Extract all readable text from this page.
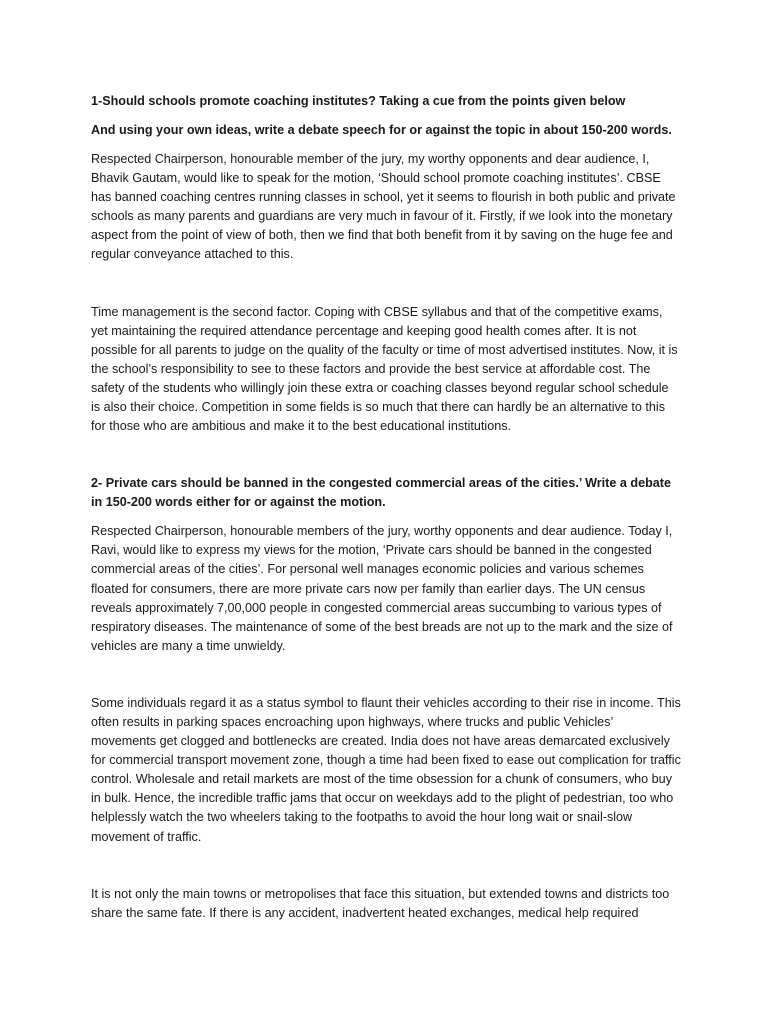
1-Should schools promote coaching institutes? Taking a cue from the points given below

And using your own ideas, write a debate speech for or against the topic in about 150-200 words.

Respected Chairperson, honourable member of the jury, my worthy opponents and dear audience, I, Bhavik Gautam, would like to speak for the motion, ‘Should school promote coaching institutes’. CBSE has banned coaching centres running classes in school, yet it seems to flourish in both public and private schools as many parents and guardians are very much in favour of it. Firstly, if we look into the monetary aspect from the point of view of both, then we find that both benefit from it by saving on the huge fee and regular conveyance attached to this.

Time management is the second factor. Coping with CBSE syllabus and that of the competitive exams, yet maintaining the required attendance percentage and keeping good health comes after. It is not possible for all parents to judge on the quality of the faculty or time of most advertised institutes. Now, it is the school’s responsibility to see to these factors and provide the best service at affordable cost. The safety of the students who willingly join these extra or coaching classes beyond regular school schedule is also their choice. Competition in some fields is so much that there can hardly be an alternative to this for those who are ambitious and make it to the best educational institutions.

2- Private cars should be banned in the congested commercial areas of the cities.’ Write a debate in 150-200 words either for or against the motion.

Respected Chairperson, honourable members of the jury, worthy opponents and dear audience. Today I, Ravi, would like to express my views for the motion, ‘Private cars should be banned in the congested commercial areas of the cities’. For personal well manages economic policies and various schemes floated for consumers, there are more private cars now per family than earlier days. The UN census reveals approximately 7,00,000 people in congested commercial areas succumbing to various types of respiratory diseases. The maintenance of some of the best breads are not up to the mark and the size of vehicles are many a time unwieldy.

Some individuals regard it as a status symbol to flaunt their vehicles according to their rise in income. This often results in parking spaces encroaching upon highways, where trucks and public Vehicles’ movements get clogged and bottlenecks are created. India does not have areas demarcated exclusively for commercial transport movement zone, though a time had been fixed to ease out complication for traffic control. Wholesale and retail markets are most of the time obsession for a chunk of consumers, who buy in bulk. Hence, the incredible traffic jams that occur on weekdays add to the plight of pedestrian, too who helplessly watch the two wheelers taking to the footpaths to avoid the hour long wait or snail-slow movement of traffic.

It is not only the main towns or metropolises that face this situation, but extended towns and districts too share the same fate. If there is any accident, inadvertent heated exchanges, medical help required
